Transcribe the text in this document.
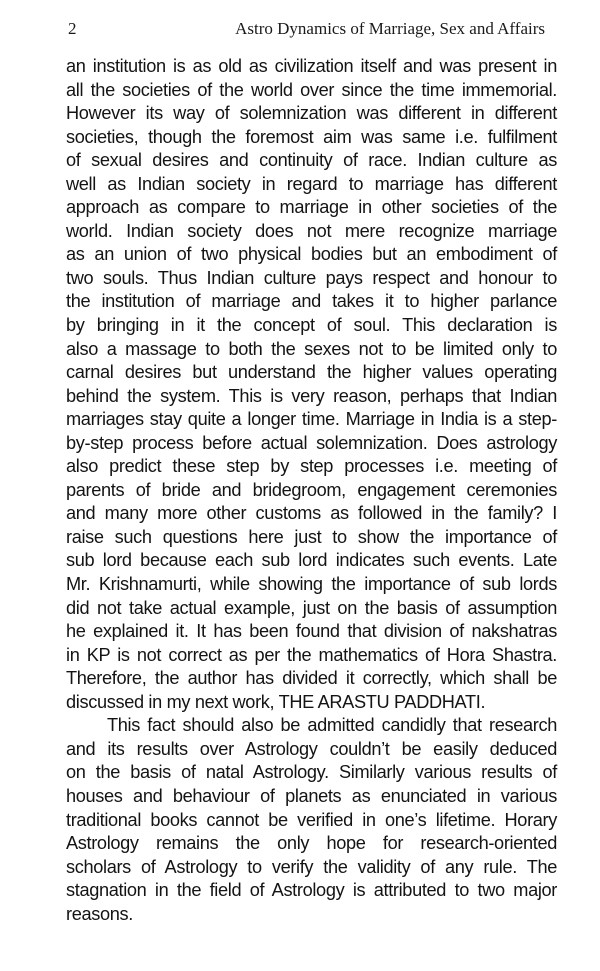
2	Astro Dynamics of Marriage, Sex and Affairs
an institution is as old as civilization itself and was present in
all the societies of the world over since the time immemorial.
However its way of solemnization was different in different
societies, though the foremost aim was same i.e. fulfilment
of sexual desires and continuity of race. Indian culture as
well as Indian society in regard to marriage has different
approach as compare to marriage in other societies of the
world. Indian society does not mere recognize marriage
as an union of two physical bodies but an embodiment of
two souls. Thus Indian culture pays respect and honour to
the institution of marriage and takes it to higher parlance
by bringing in it the concept of soul. This declaration is
also a massage to both the sexes not to be limited only to
carnal desires but understand the higher values operating
behind the system. This is very reason, perhaps that Indian
marriages stay quite a longer time. Marriage in India is a step-
by-step process before actual solemnization. Does astrology
also predict these step by step processes i.e. meeting of
parents of bride and bridegroom, engagement ceremonies
and many more other customs as followed in the family? I
raise such questions here just to show the importance of
sub lord because each sub lord indicates such events. Late
Mr. Krishnamurti, while showing the importance of sub lords
did not take actual example, just on the basis of assumption
he explained it. It has been found that division of nakshatras
in KP is not correct as per the mathematics of Hora Shastra.
Therefore, the author has divided it correctly, which shall be
discussed in my next work, THE ARASTU PADDHATI.
This fact should also be admitted candidly that research
and its results over Astrology couldn’t be easily deduced
on the basis of natal Astrology. Similarly various results of
houses and behaviour of planets as enunciated in various
traditional books cannot be verified in one’s lifetime. Horary
Astrology remains the only hope for research-oriented
scholars of Astrology to verify the validity of any rule. The
stagnation in the field of Astrology is attributed to two major
reasons.
